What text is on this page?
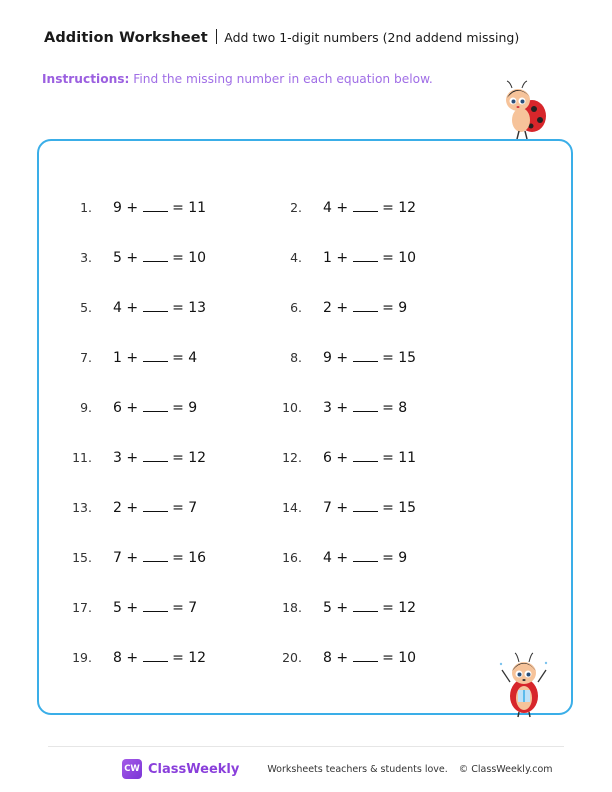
Addition Worksheet Add two 1-digit numbers (2nd addend missing)
Instructions: Find the missing number in each equation below.
1. 9 + = 11	2. 4 + = 12
3. 5 + = 10	4. 1 + = 10
5. 4 + = 13	6. 2 + = 9
7. 1 + = 4	8. 9 + = 15
9. 6 + = 9	10. 3 + = 8
11. 3 + = 12	12. 6 + = 11
13. 2 + = 7	14. 7 + = 15
15. 7 + = 16	16. 4 + = 9
17. 5 + = 7	18. 5 + = 12
19. 8 + = 12	20. 8 + = 10
CW ClassWeekly	Worksheets teachers & students love. © ClassWeekly.com
